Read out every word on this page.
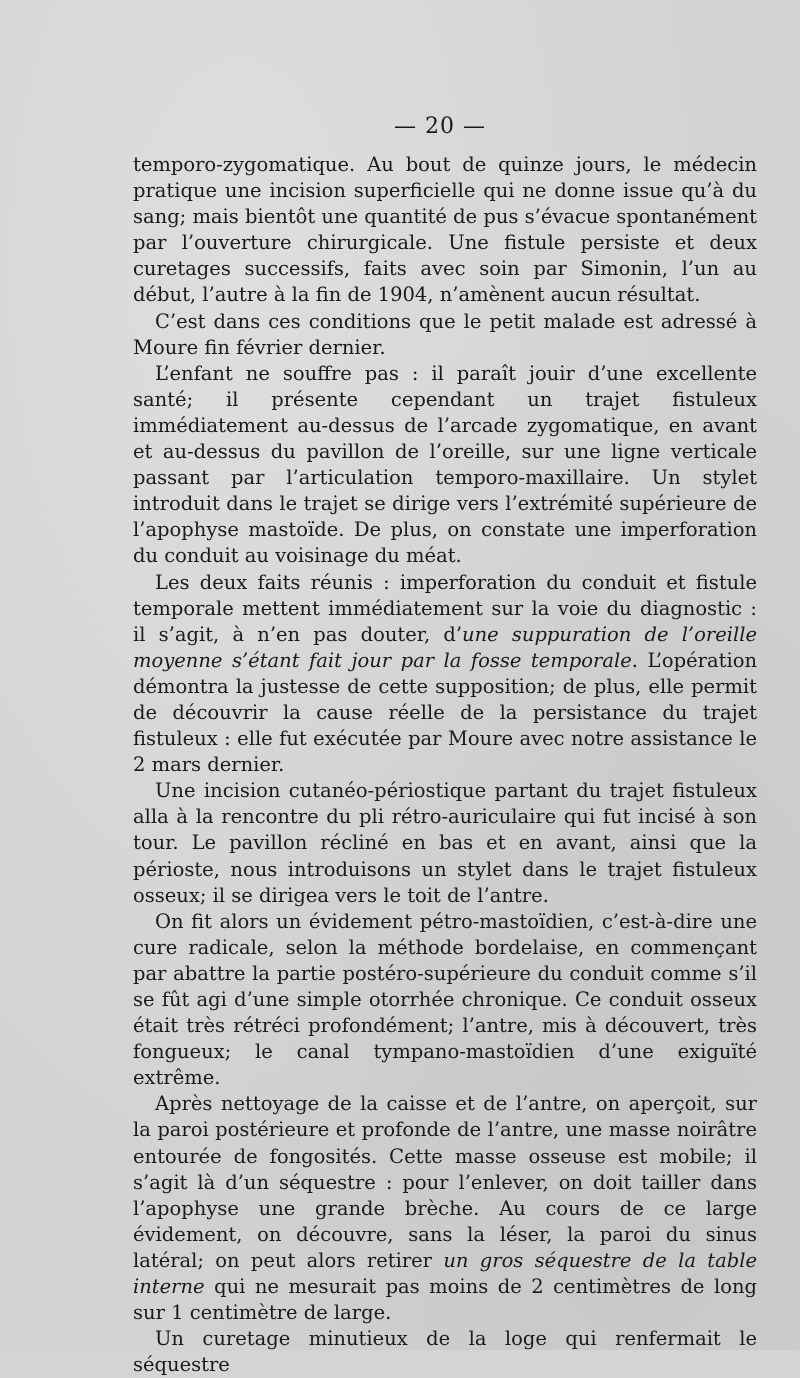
— 20 —

temporo-zygomatique. Au bout de quinze jours, le médecin pratique une incision superficielle qui ne donne issue qu’à du sang; mais bientôt une quantité de pus s’évacue spontanément par l’ouverture chirurgicale. Une fistule persiste et deux curetages successifs, faits avec soin par Simonin, l’un au début, l’autre à la fin de 1904, n’amènent aucun résultat.

C’est dans ces conditions que le petit malade est adressé à Moure fin février dernier.

L’enfant ne souffre pas : il paraît jouir d’une excellente santé; il présente cependant un trajet fistuleux immédiatement au-dessus de l’arcade zygomatique, en avant et au-dessus du pavillon de l’oreille, sur une ligne verticale passant par l’articulation temporo-maxillaire. Un stylet introduit dans le trajet se dirige vers l’extrémité supérieure de l’apophyse mastoïde. De plus, on constate une imperforation du conduit au voisinage du méat.

Les deux faits réunis : imperforation du conduit et fistule temporale mettent immédiatement sur la voie du diagnostic : il s’agit, à n’en pas douter, d’une suppuration de l’oreille moyenne s’étant fait jour par la fosse temporale. L’opération démontra la justesse de cette supposition; de plus, elle permit de découvrir la cause réelle de la persistance du trajet fistuleux : elle fut exécutée par Moure avec notre assistance le 2 mars dernier.

Une incision cutanéo-périostique partant du trajet fistuleux alla à la rencontre du pli rétro-auriculaire qui fut incisé à son tour. Le pavillon récliné en bas et en avant, ainsi que la périoste, nous introduisons un stylet dans le trajet fistuleux osseux; il se dirigea vers le toit de l’antre.

On fit alors un évidement pétro-mastoïdien, c’est-à-dire une cure radicale, selon la méthode bordelaise, en commençant par abattre la partie postéro-supérieure du conduit comme s’il se fût agi d’une simple otorrhée chronique. Ce conduit osseux était très rétréci profondément; l’antre, mis à découvert, très fongueux; le canal tympano-mastoïdien d’une exiguïté extrême.

Après nettoyage de la caisse et de l’antre, on aperçoit, sur la paroi postérieure et profonde de l’antre, une masse noirâtre entourée de fongosités. Cette masse osseuse est mobile; il s’agit là d’un séquestre : pour l’enlever, on doit tailler dans l’apophyse une grande brèche. Au cours de ce large évidement, on découvre, sans la léser, la paroi du sinus latéral; on peut alors retirer un gros séquestre de la table interne qui ne mesurait pas moins de 2 centimètres de long sur 1 centimètre de large.

Un curetage minutieux de la loge qui renfermait le séquestre
